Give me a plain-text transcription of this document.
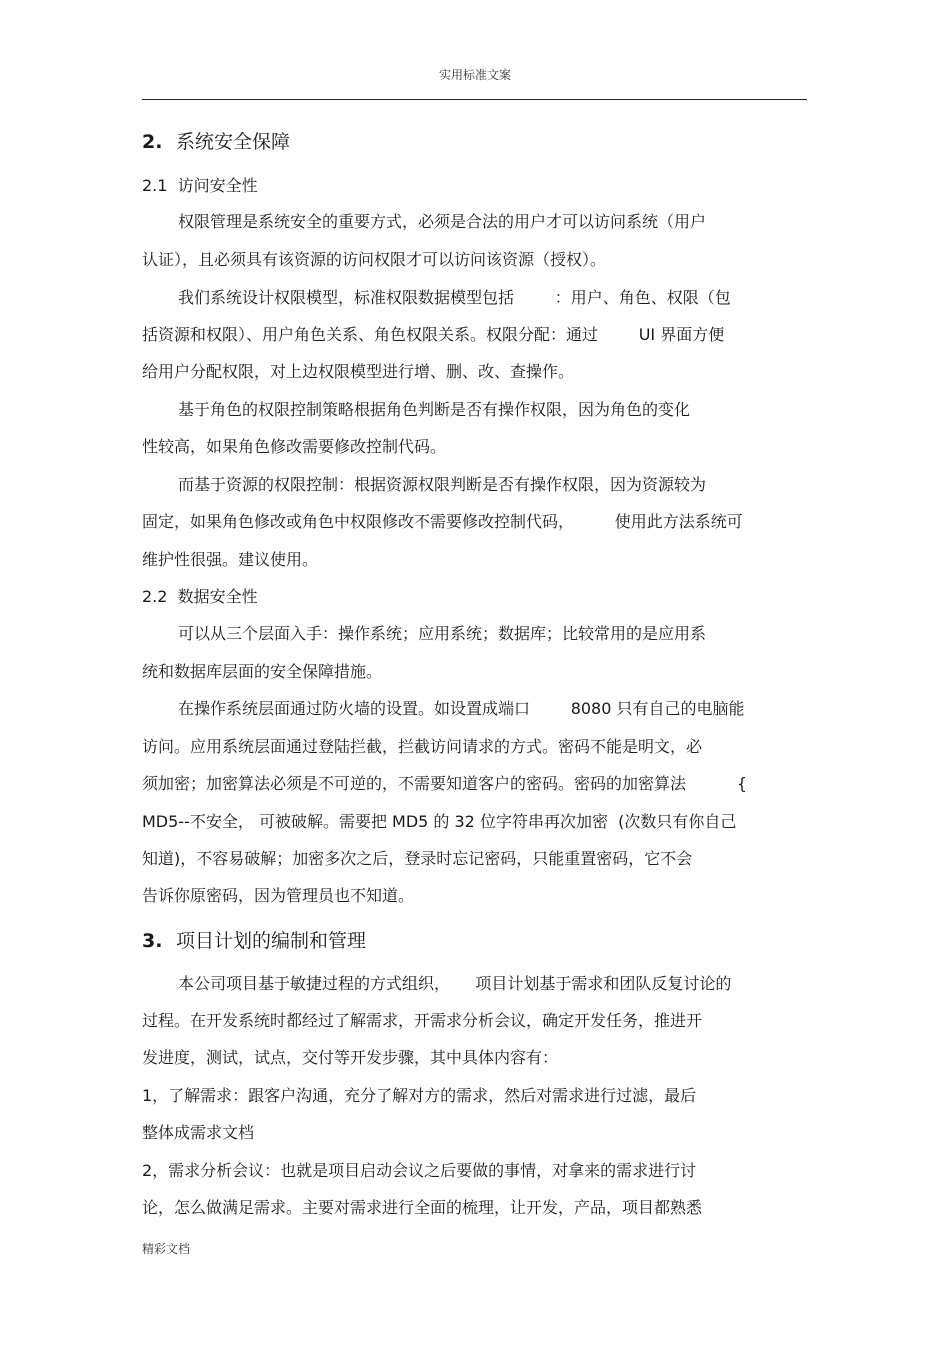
实用标准文案
2. 系统安全保障
2.1  访问安全性
权限管理是系统安全的重要方式，必须是合法的用户才可以访问系统（用户
认证），且必须具有该资源的访问权限才可以访问该资源（授权）。
我们系统设计权限模型，标准权限数据模型包括        ：用户、角色、权限（包
括资源和权限）、用户角色关系、角色权限关系。权限分配：通过        UI 界面方便
给用户分配权限，对上边权限模型进行增、删、改、查操作。
基于角色的权限控制策略根据角色判断是否有操作权限，因为角色的变化
性较高，如果角色修改需要修改控制代码。
而基于资源的权限控制：根据资源权限判断是否有操作权限，因为资源较为
固定，如果角色修改或角色中权限修改不需要修改控制代码，        使用此方法系统可
维护性很强。建议使用。
2.2  数据安全性
可以从三个层面入手：操作系统；应用系统；数据库；比较常用的是应用系
统和数据库层面的安全保障措施。
在操作系统层面通过防火墙的设置。如设置成端口        8080 只有自己的电脑能
访问。应用系统层面通过登陆拦截，拦截访问请求的方式。密码不能是明文，必
须加密；加密算法必须是不可逆的，不需要知道客户的密码。密码的加密算法          {
MD5--不安全， 可被破解。需要把 MD5 的 32 位字符串再次加密  (次数只有你自己
知道)，不容易破解；加密多次之后，登录时忘记密码，只能重置密码，它不会
告诉你原密码，因为管理员也不知道。
3. 项目计划的编制和管理
本公司项目基于敏捷过程的方式组织，     项目计划基于需求和团队反复讨论的
过程。在开发系统时都经过了解需求，开需求分析会议，确定开发任务，推进开
发进度，测试，试点，交付等开发步骤，其中具体内容有：
1，了解需求：跟客户沟通，充分了解对方的需求，然后对需求进行过滤，最后
整体成需求文档
2，需求分析会议：也就是项目启动会议之后要做的事情，对拿来的需求进行讨
论，怎么做满足需求。主要对需求进行全面的梳理，让开发，产品，项目都熟悉
精彩文档
